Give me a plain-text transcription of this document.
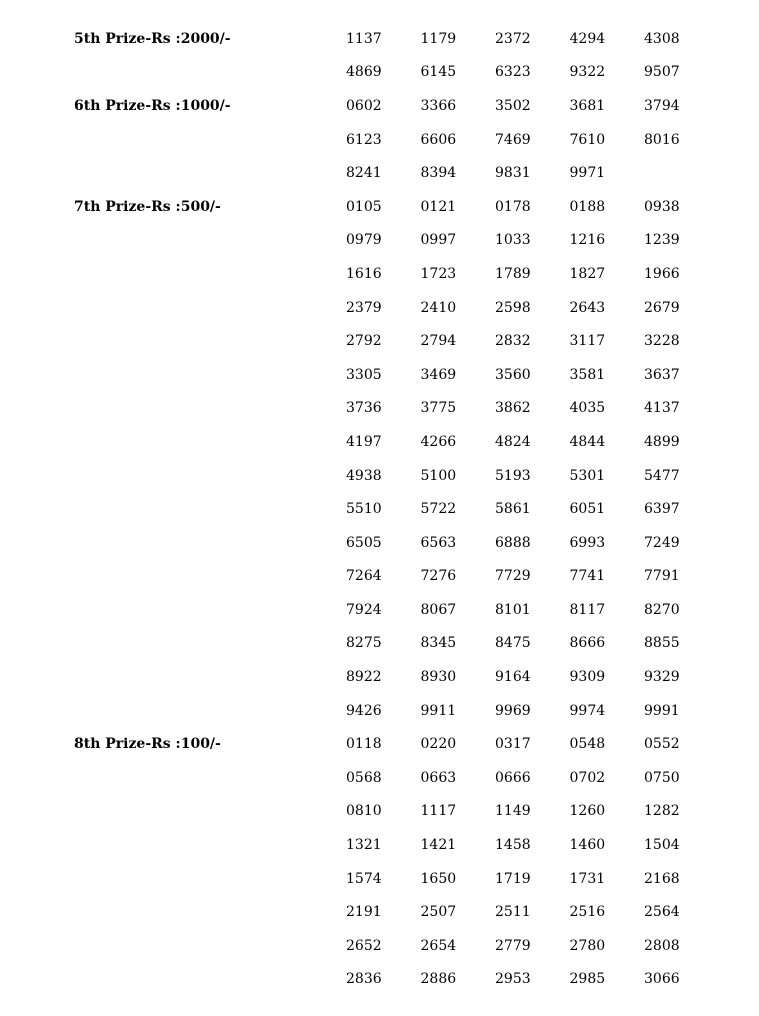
5th Prize-Rs :2000/-	1137	1179	2372	4294	4308
4869	6145	6323	9322	9507
6th Prize-Rs :1000/-	0602	3366	3502	3681	3794
6123	6606	7469	7610	8016
8241	8394	9831	9971
7th Prize-Rs :500/-	0105	0121	0178	0188	0938
0979	0997	1033	1216	1239
1616	1723	1789	1827	1966
2379	2410	2598	2643	2679
2792	2794	2832	3117	3228
3305	3469	3560	3581	3637
3736	3775	3862	4035	4137
4197	4266	4824	4844	4899
4938	5100	5193	5301	5477
5510	5722	5861	6051	6397
6505	6563	6888	6993	7249
7264	7276	7729	7741	7791
7924	8067	8101	8117	8270
8275	8345	8475	8666	8855
8922	8930	9164	9309	9329
9426	9911	9969	9974	9991
8th Prize-Rs :100/-	0118	0220	0317	0548	0552
0568	0663	0666	0702	0750
0810	1117	1149	1260	1282
1321	1421	1458	1460	1504
1574	1650	1719	1731	2168
2191	2507	2511	2516	2564
2652	2654	2779	2780	2808
2836	2886	2953	2985	3066
